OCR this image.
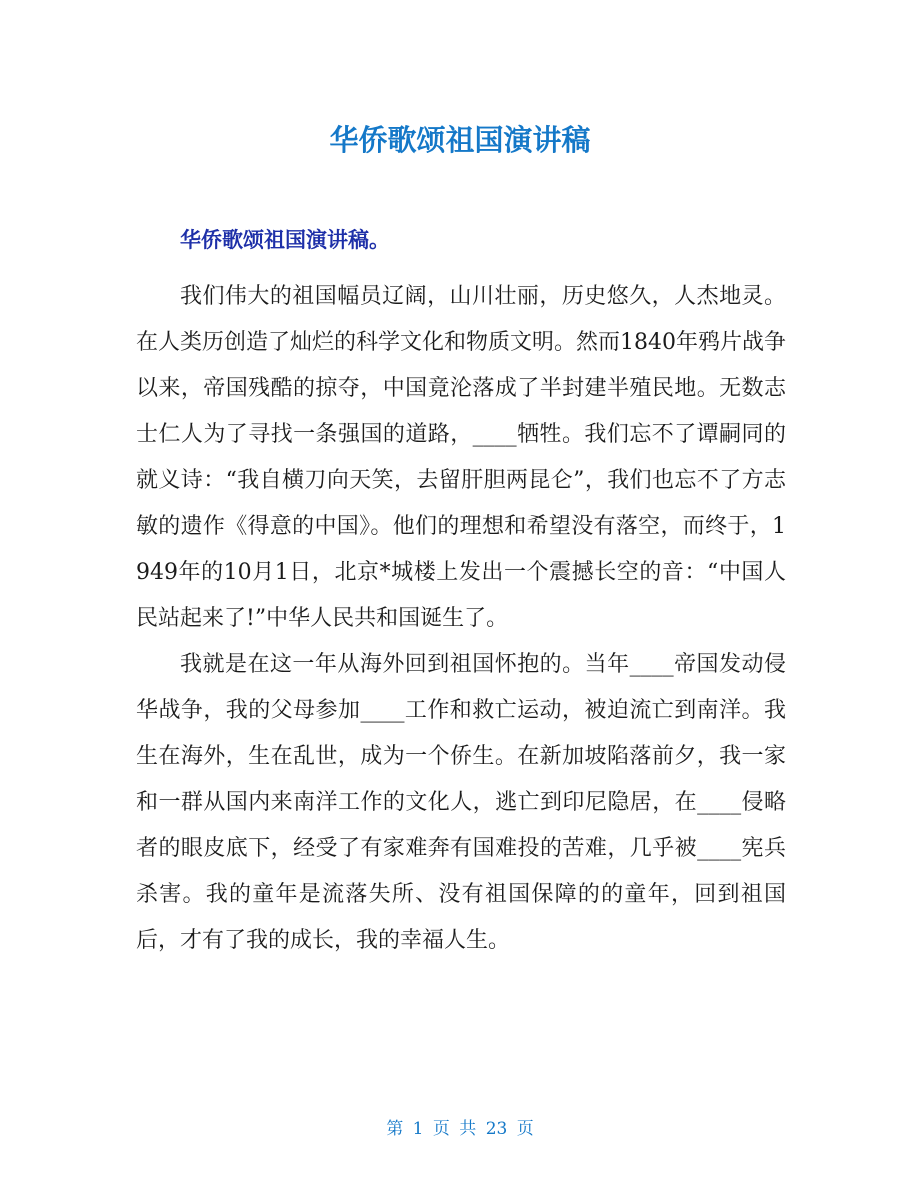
华侨歌颂祖国演讲稿
华侨歌颂祖国演讲稿。

我们伟大的祖国幅员辽阔，山川壮丽，历史悠久，人杰地灵。在人类历创造了灿烂的科学文化和物质文明。然而1840年鸦片战争以来，帝国残酷的掠夺，中国竟沦落成了半封建半殖民地。无数志士仁人为了寻找一条强国的道路，____牺牲。我们忘不了谭嗣同的就义诗：“我自横刀向天笑，去留肝胆两昆仑”，我们也忘不了方志敏的遗作《得意的中国》。他们的理想和希望没有落空，而终于，1949年的10月1日，北京*城楼上发出一个震撼长空的音：“中国人民站起来了!”中华人民共和国诞生了。

我就是在这一年从海外回到祖国怀抱的。当年____帝国发动侵华战争，我的父母参加____工作和救亡运动，被迫流亡到南洋。我生在海外，生在乱世，成为一个侨生。在新加坡陷落前夕，我一家和一群从国内来南洋工作的文化人，逃亡到印尼隐居，在____侵略者的眼皮底下，经受了有家难奔有国难投的苦难，几乎被____宪兵杀害。我的童年是流落失所、没有祖国保障的的童年，回到祖国后，才有了我的成长，我的幸福人生。

第 1 页 共 23 页
